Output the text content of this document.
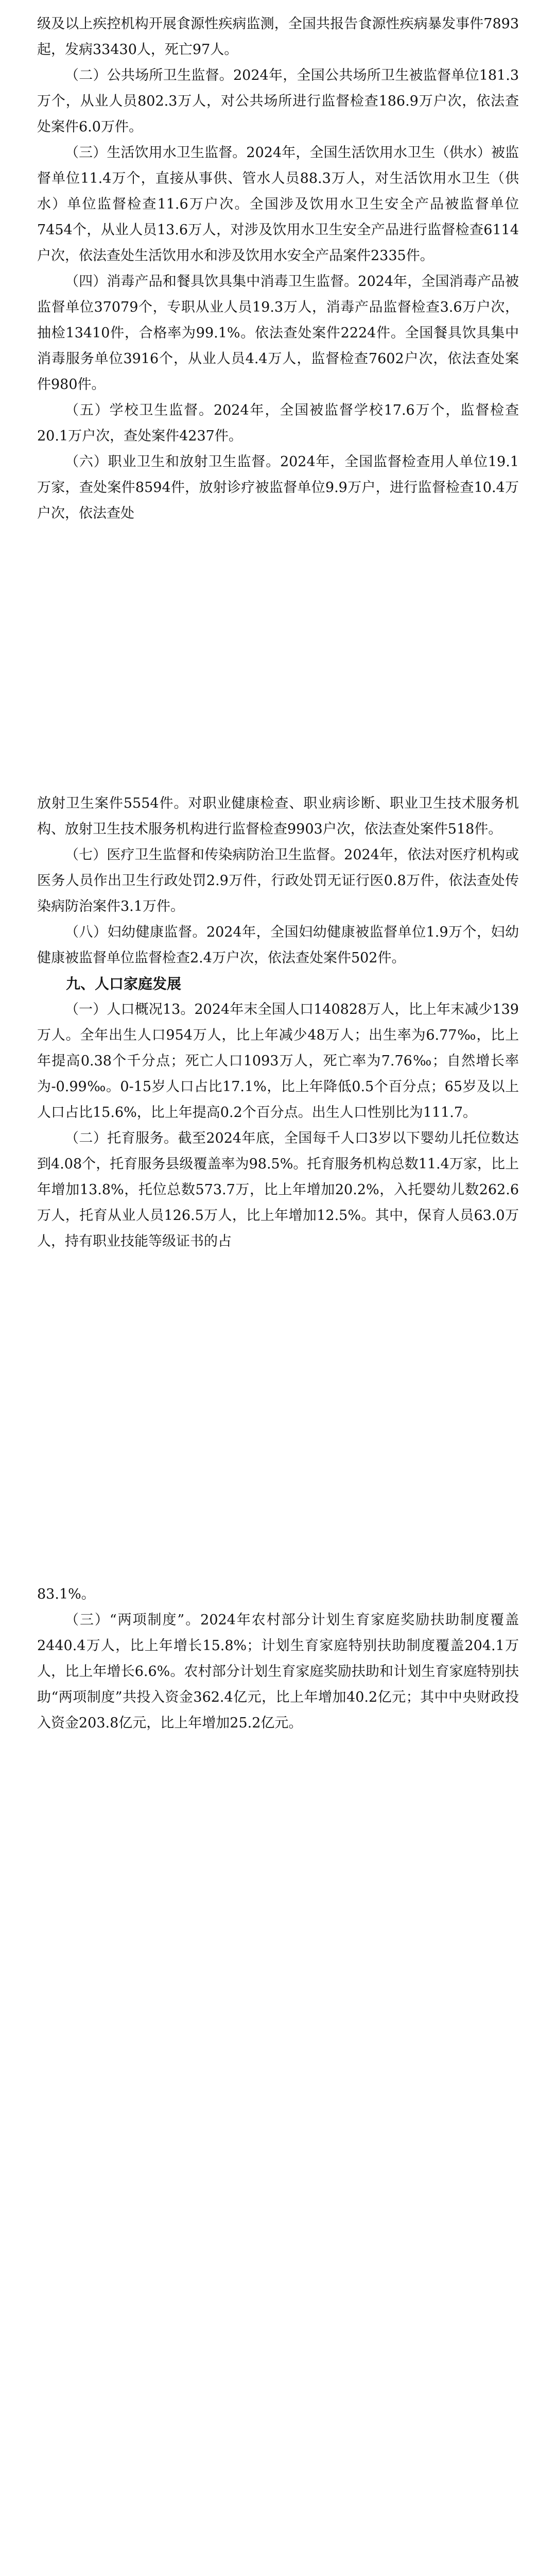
级及以上疾控机构开展食源性疾病监测，全国共报告食源性疾病暴发事件7893起，发病33430人，死亡97人。

（二）公共场所卫生监督。2024年，全国公共场所卫生被监督单位181.3万个，从业人员802.3万人，对公共场所进行监督检查186.9万户次，依法查处案件6.0万件。

（三）生活饮用水卫生监督。2024年，全国生活饮用水卫生（供水）被监督单位11.4万个，直接从事供、管水人员88.3万人，对生活饮用水卫生（供水）单位监督检查11.6万户次。全国涉及饮用水卫生安全产品被监督单位7454个，从业人员13.6万人，对涉及饮用水卫生安全产品进行监督检查6114户次，依法查处生活饮用水和涉及饮用水安全产品案件2335件。

（四）消毒产品和餐具饮具集中消毒卫生监督。2024年，全国消毒产品被监督单位37079个，专职从业人员19.3万人，消毒产品监督检查3.6万户次，抽检13410件，合格率为99.1%。依法查处案件2224件。全国餐具饮具集中消毒服务单位3916个，从业人员4.4万人，监督检查7602户次，依法查处案件980件。

（五）学校卫生监督。2024年，全国被监督学校17.6万个，监督检查20.1万户次，查处案件4237件。

（六）职业卫生和放射卫生监督。2024年，全国监督检查用人单位19.1万家，查处案件8594件，放射诊疗被监督单位9.9万户，进行监督检查10.4万户次，依法查处

放射卫生案件5554件。对职业健康检查、职业病诊断、职业卫生技术服务机构、放射卫生技术服务机构进行监督检查9903户次，依法查处案件518件。

（七）医疗卫生监督和传染病防治卫生监督。2024年，依法对医疗机构或医务人员作出卫生行政处罚2.9万件，行政处罚无证行医0.8万件，依法查处传染病防治案件3.1万件。

（八）妇幼健康监督。2024年，全国妇幼健康被监督单位1.9万个，妇幼健康被监督单位监督检查2.4万户次，依法查处案件502件。

九、人口家庭发展

（一）人口概况13。2024年末全国人口140828万人，比上年末减少139万人。全年出生人口954万人，比上年减少48万人；出生率为6.77‰，比上年提高0.38个千分点；死亡人口1093万人，死亡率为7.76‰；自然增长率为-0.99‰。0-15岁人口占比17.1%，比上年降低0.5个百分点；65岁及以上人口占比15.6%，比上年提高0.2个百分点。出生人口性别比为111.7。

（二）托育服务。截至2024年底，全国每千人口3岁以下婴幼儿托位数达到4.08个，托育服务县级覆盖率为98.5%。托育服务机构总数11.4万家，比上年增加13.8%，托位总数573.7万，比上年增加20.2%，入托婴幼儿数262.6万人，托育从业人员126.5万人，比上年增加12.5%。其中，保育人员63.0万人，持有职业技能等级证书的占

83.1%。

（三）“两项制度”。2024年农村部分计划生育家庭奖励扶助制度覆盖2440.4万人，比上年增长15.8%；计划生育家庭特别扶助制度覆盖204.1万人，比上年增长6.6%。农村部分计划生育家庭奖励扶助和计划生育家庭特别扶助“两项制度”共投入资金362.4亿元，比上年增加40.2亿元；其中中央财政投入资金203.8亿元，比上年增加25.2亿元。
